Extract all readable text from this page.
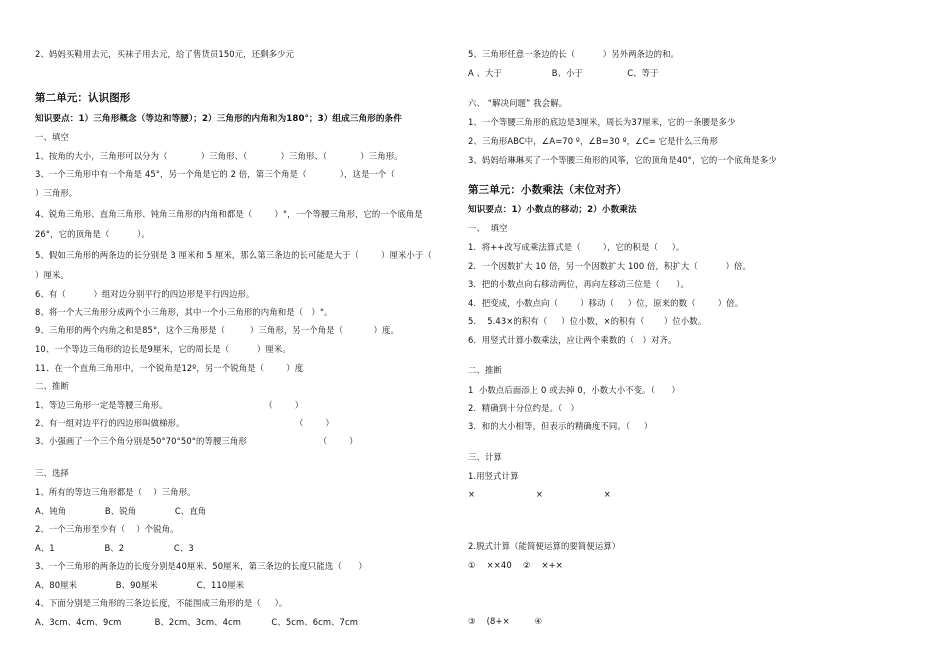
2、妈妈买鞋用去元，买袜子用去元，给了售货员150元，还剩多少元
第二单元：认识图形
知识要点：1）三角形概念（等边和等腰）；2）三角形的内角和为180°；3）组成三角形的条件
一、填空
1、按角的大小，三角形可以分为（            ）三角形、（            ）三角形、（            ）三角形。
3、一个三角形中有一个角是 45°，另一个角是它的 2 倍，第三个角是（            ），这是一个（
）三角形。
4、锐角三角形、直角三角形、钝角三角形的内角和都是（        ）°，一个等腰三角形，它的一个底角是
26°，它的顶角是（          ）。
5、假如三角形的两条边的长分别是 3 厘米和 5 厘米，那么第三条边的长可能是大于（        ）厘米小于（
）厘米。
6、有（          ）组对边分别平行的四边形是平行四边形。
8、将一个大三角形分成两个小三角形，其中一个小三角形的内角和是（   ）°。
9、三角形的两个内角之和是85°，这个三角形是（         ）三角形，另一个角是（           ）度。
10、一个等边三角形的边长是9厘米，它的周长是（          ）厘米。
11、在一个直角三角形中，一个锐角是12º，另一个锐角是（        ）度
二、推断
1、等边三角形一定是等腰三角形。                                   （        ）
2、有一组对边平行的四边形叫做梯形。                                        （        ）
3、小强画了一个三个角分别是50°70°50°的等腰三角形                          （        ）
三、选择
1、所有的等边三角形都是（    ）三角形。
A、钝角              B、锐角              C、直角
2、一个三角形至少有（    ）个锐角。
A、1                  B、2                  C、3
3、一个三角形的两条边的长度分别是40厘米、50厘米，第三条边的长度只能选（      ）
A、80厘米              B、90厘米              C、110厘米
4、下面分别是三角形的三条边长度，不能围成三角形的是（     ）。
A、3cm、4cm、9cm            B、2cm、3cm、4cm           C、5cm、6cm、7cm
5、三角形任意一条边的长（          ）另外两条边的和。
A 、大于                  B、小于                C、等于
六、 “解决问题” 我会解。
1、一个等腰三角形的底边是3厘米，周长为37厘米，它的一条腰是多少
2、三角形ABC中，∠A=70 º，∠B=30 º，∠C= 它是什么三角形
3、妈妈给琳琳买了一个等腰三角形的风筝，它的顶角是40°，它的一个底角是多少
第三单元：小数乘法（末位对齐）
知识要点：1）小数点的移动；2）小数乘法
一、  填空
1.  将++改写成乘法算式是（        ），它的积是（     ）。
2.  一个因数扩大 10 倍，另一个因数扩大 100 倍，积扩大（          ）倍。
3.  把的小数点向右移动两位，再向左移动三位是（      ）。
4.  把变成，小数点向（        ）移动（     ）位，原来的数（        ）倍。
5.    5.43×的积有（     ）位小数，×的积有（       ）位小数。
6.  用竖式计算小数乘法，应让两个乘数的（   ）对齐。
二、推断
1  小数点后面添上 0 或去掉 0，小数大小不变。（      ）
2.  精确到十分位约是。（   ）
3.  和的大小相等，但表示的精确度不同。（     ）
三、计算
1.用竖式计算
×                      ×                      ×
2.脱式计算（能简便运算的要简便运算）
①    ××40    ②    ×+×
③    (8+×         ④
